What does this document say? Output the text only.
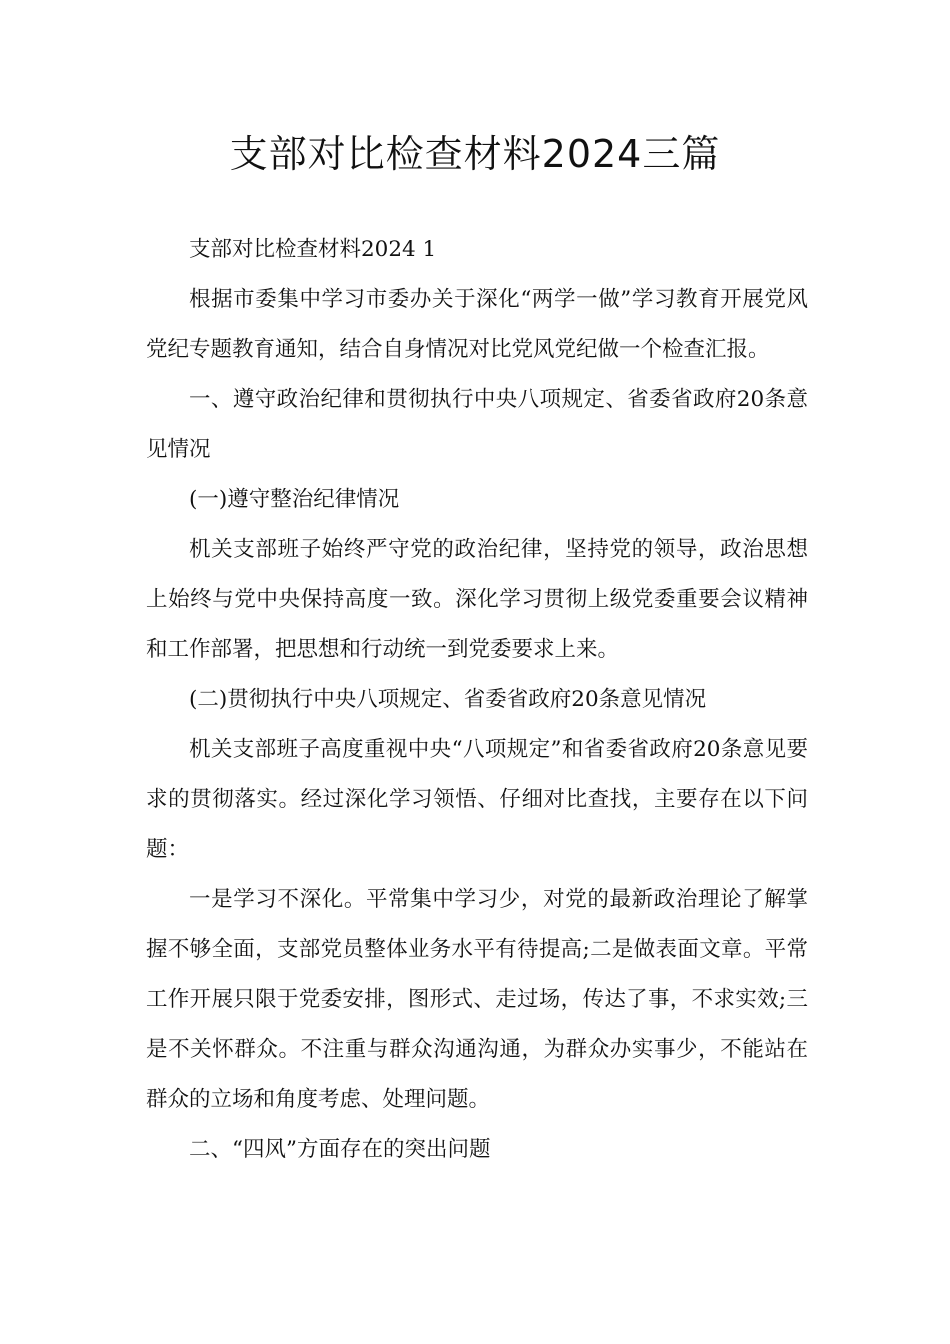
支部对比检查材料2024三篇

支部对比检查材料2024 1

根据市委集中学习市委办关于深化“两学一做”学习教育开展党风党纪专题教育通知，结合自身情况对比党风党纪做一个检查汇报。

一、遵守政治纪律和贯彻执行中央八项规定、省委省政府20条意见情况

(一)遵守整治纪律情况

机关支部班子始终严守党的政治纪律，坚持党的领导，政治思想上始终与党中央保持高度一致。深化学习贯彻上级党委重要会议精神和工作部署，把思想和行动统一到党委要求上来。

(二)贯彻执行中央八项规定、省委省政府20条意见情况

机关支部班子高度重视中央“八项规定”和省委省政府20条意见要求的贯彻落实。经过深化学习领悟、仔细对比查找，主要存在以下问题：

一是学习不深化。平常集中学习少，对党的最新政治理论了解掌握不够全面，支部党员整体业务水平有待提高;二是做表面文章。平常工作开展只限于党委安排，图形式、走过场，传达了事，不求实效;三是不关怀群众。不注重与群众沟通沟通，为群众办实事少，不能站在群众的立场和角度考虑、处理问题。

二、“四风”方面存在的突出问题
